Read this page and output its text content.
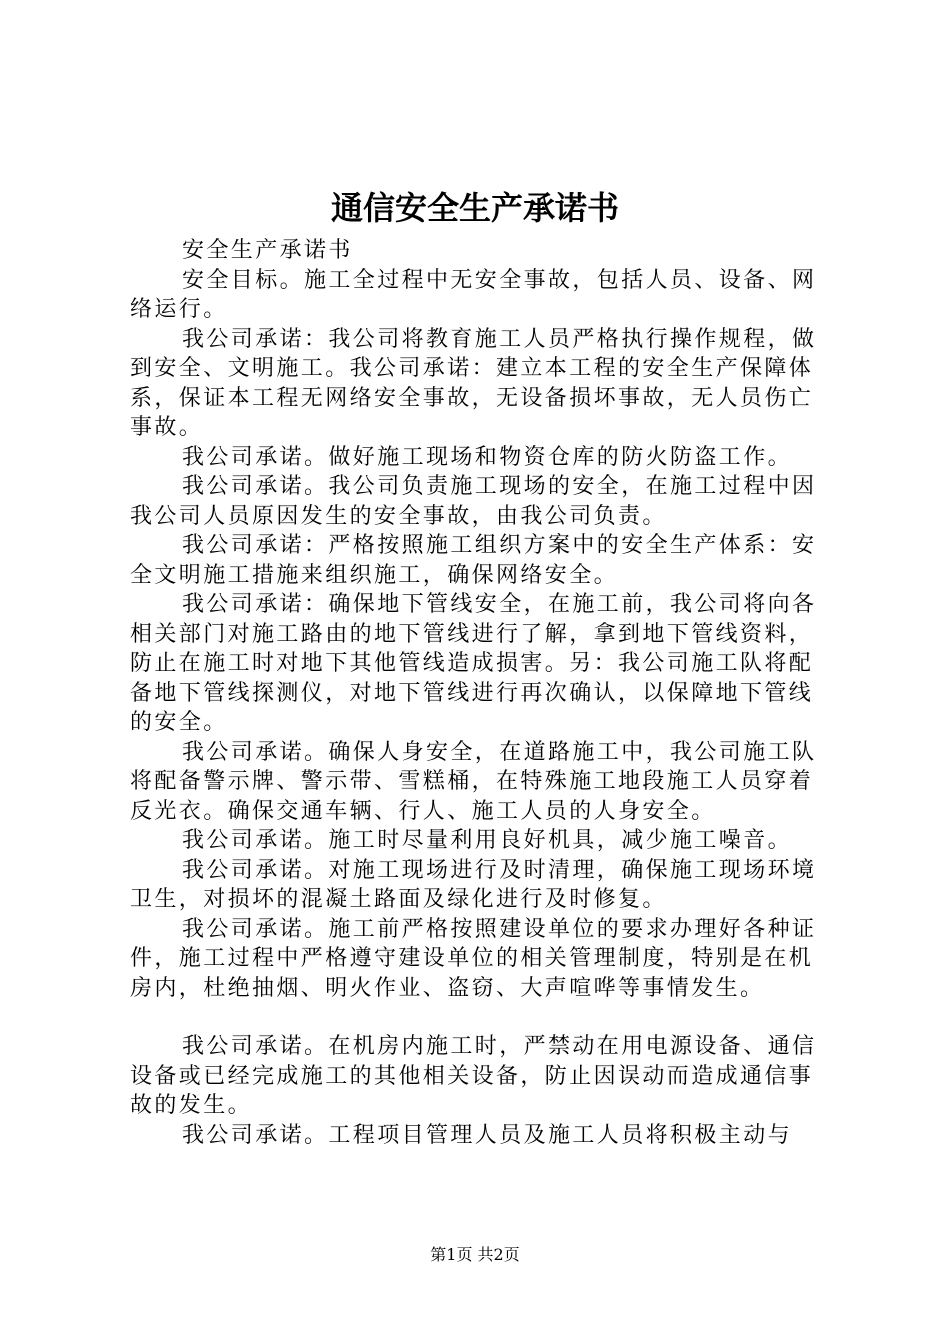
通信安全生产承诺书

安全生产承诺书

安全目标。施工全过程中无安全事故，包括人员、设备、网络运行。

我公司承诺：我公司将教育施工人员严格执行操作规程，做到安全、文明施工。我公司承诺：建立本工程的安全生产保障体系，保证本工程无网络安全事故，无设备损坏事故，无人员伤亡事故。

我公司承诺。做好施工现场和物资仓库的防火防盗工作。

我公司承诺。我公司负责施工现场的安全，在施工过程中因我公司人员原因发生的安全事故，由我公司负责。

我公司承诺：严格按照施工组织方案中的安全生产体系：安全文明施工措施来组织施工，确保网络安全。

我公司承诺：确保地下管线安全，在施工前，我公司将向各相关部门对施工路由的地下管线进行了解，拿到地下管线资料，防止在施工时对地下其他管线造成损害。另：我公司施工队将配备地下管线探测仪，对地下管线进行再次确认，以保障地下管线的安全。

我公司承诺。确保人身安全，在道路施工中，我公司施工队将配备警示牌、警示带、雪糕桶，在特殊施工地段施工人员穿着反光衣。确保交通车辆、行人、施工人员的人身安全。

我公司承诺。施工时尽量利用良好机具，减少施工噪音。

我公司承诺。对施工现场进行及时清理，确保施工现场环境卫生，对损坏的混凝土路面及绿化进行及时修复。

我公司承诺。施工前严格按照建设单位的要求办理好各种证件，施工过程中严格遵守建设单位的相关管理制度，特别是在机房内，杜绝抽烟、明火作业、盗窃、大声喧哗等事情发生。

我公司承诺。在机房内施工时，严禁动在用电源设备、通信设备或已经完成施工的其他相关设备，防止因误动而造成通信事故的发生。

我公司承诺。工程项目管理人员及施工人员将积极主动与

第1页 共2页
